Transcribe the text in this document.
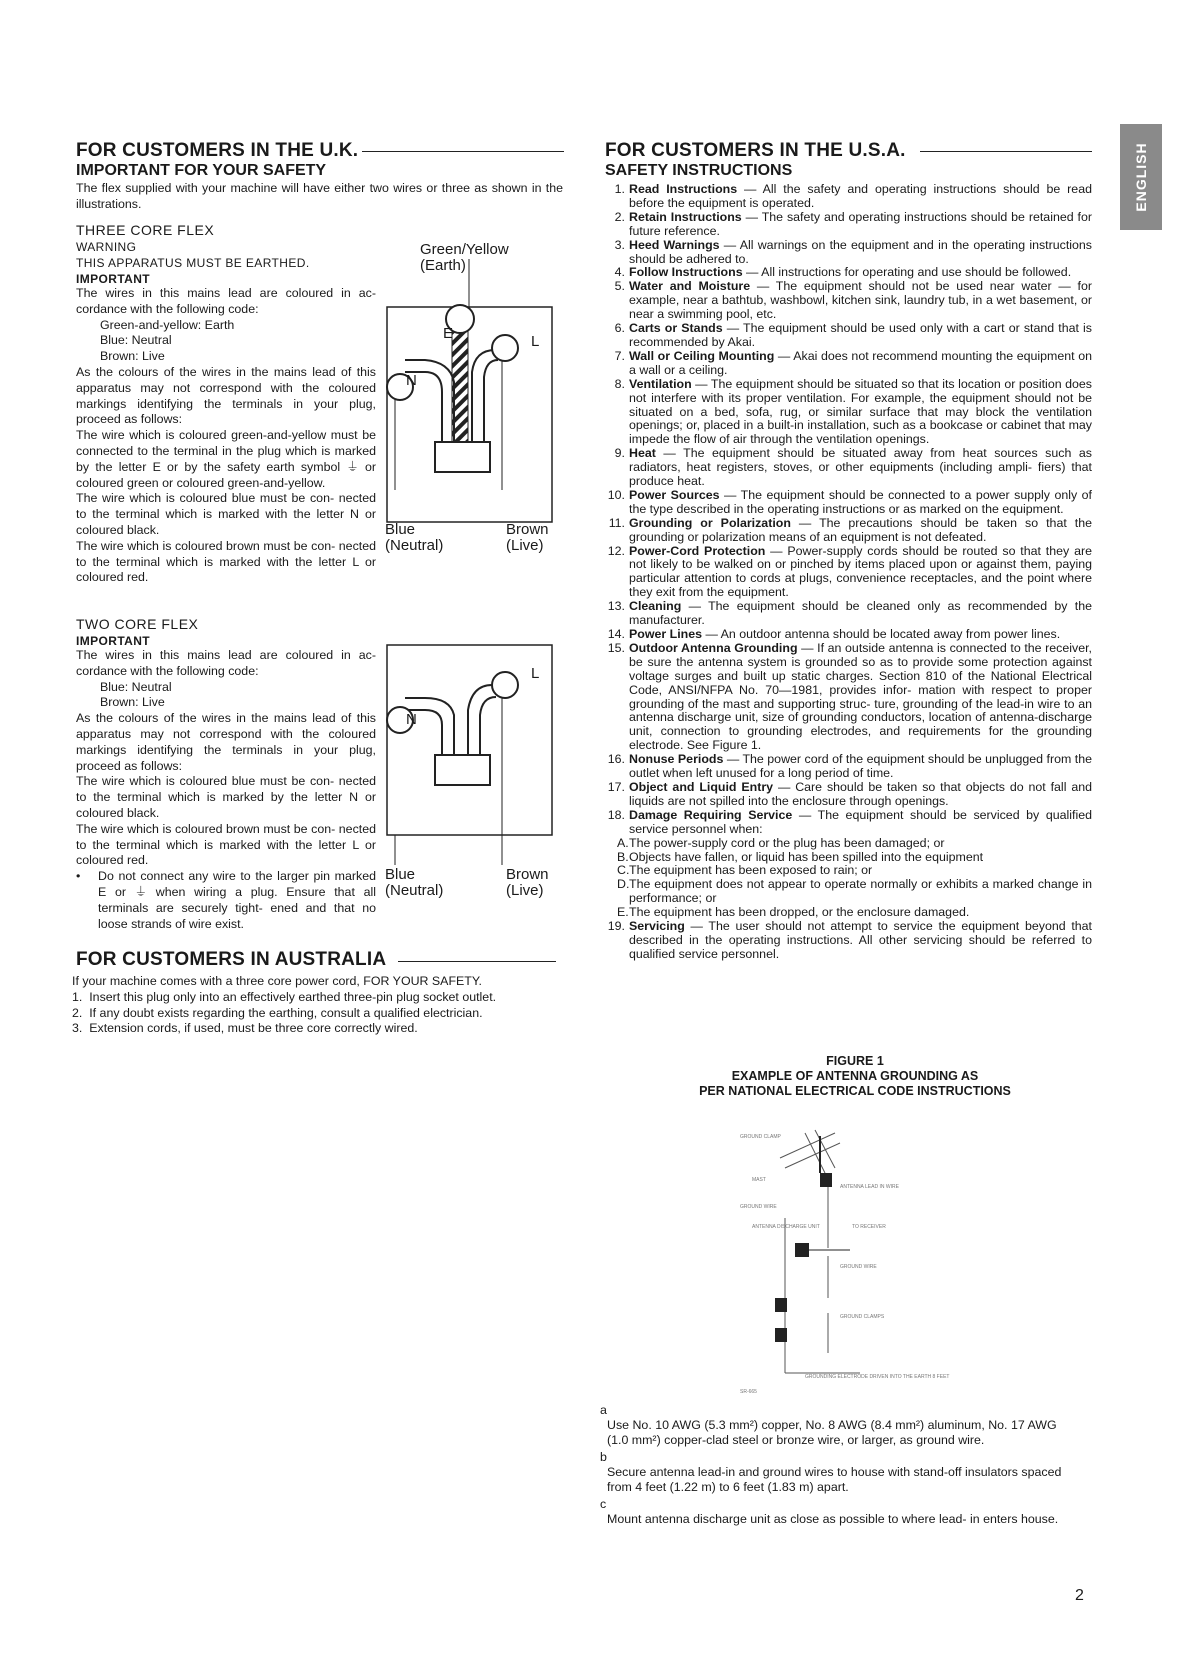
ENGLISH
FOR CUSTOMERS IN THE U.K.
IMPORTANT FOR YOUR SAFETY
The flex supplied with your machine will have either two wires or three as shown in the illustrations.
THREE CORE FLEX
WARNING
THIS APPARATUS MUST BE EARTHED.
IMPORTANT
The wires in this mains lead are coloured in ac- cordance with the following code:
Green-and-yellow: Earth
Blue: Neutral
Brown: Live
As the colours of the wires in the mains lead of this apparatus may not correspond with the coloured markings identifying the terminals in your plug, proceed as follows:
The wire which is coloured green-and-yellow must be connected to the terminal in the plug which is marked by the letter E or by the safety earth symbol ⏚ or coloured green or coloured green-and-yellow.
The wire which is coloured blue must be con- nected to the terminal which is marked with the letter N or coloured black.
The wire which is coloured brown must be con- nected to the terminal which is marked with the letter L or coloured red.
Green/Yellow
(Earth)
E	L
N
Blue
(Neutral)
Brown
(Live)
TWO CORE FLEX
IMPORTANT
The wires in this mains lead are coloured in ac- cordance with the following code:
Blue: Neutral
Brown: Live
As the colours of the wires in the mains lead of this apparatus may not correspond with the coloured markings identifying the terminals in your plug, proceed as follows:
The wire which is coloured blue must be con- nected to the terminal which is marked by the letter N or coloured black.
The wire which is coloured brown must be con- nected to the terminal which is marked with the letter L or coloured red.
• Do not connect any wire to the larger pin marked E or ⏚ when wiring a plug. Ensure that all terminals are securely tight- ened and that no loose strands of wire exist.
L
N
Blue
(Neutral)
Brown
(Live)
FOR CUSTOMERS IN AUSTRALIA
If your machine comes with a three core power cord, FOR YOUR SAFETY.
1. Insert this plug only into an effectively earthed three-pin plug socket outlet.
2. If any doubt exists regarding the earthing, consult a qualified electrician.
3. Extension cords, if used, must be three core correctly wired.
FOR CUSTOMERS IN THE U.S.A.
SAFETY INSTRUCTIONS
1. Read Instructions — All the safety and operating instructions should be read before the equipment is operated.
2. Retain Instructions — The safety and operating instructions should be retained for future reference.
3. Heed Warnings — All warnings on the equipment and in the operating instructions should be adhered to.
4. Follow Instructions — All instructions for operating and use should be followed.
5. Water and Moisture — The equipment should not be used near water — for example, near a bathtub, washbowl, kitchen sink, laundry tub, in a wet basement, or near a swimming pool, etc.
6. Carts or Stands — The equipment should be used only with a cart or stand that is recommended by Akai.
7. Wall or Ceiling Mounting — Akai does not recommend mounting the equipment on a wall or a ceiling.
8. Ventilation — The equipment should be situated so that its location or position does not interfere with its proper ventilation. For example, the equipment should not be situated on a bed, sofa, rug, or similar surface that may block the ventilation openings; or, placed in a built-in installation, such as a bookcase or cabinet that may impede the flow of air through the ventilation openings.
9. Heat — The equipment should be situated away from heat sources such as radiators, heat registers, stoves, or other equipments (including ampli- fiers) that produce heat.
10. Power Sources — The equipment should be connected to a power supply only of the type described in the operating instructions or as marked on the equipment.
11. Grounding or Polarization — The precautions should be taken so that the grounding or polarization means of an equipment is not defeated.
12. Power-Cord Protection — Power-supply cords should be routed so that they are not likely to be walked on or pinched by items placed upon or against them, paying particular attention to cords at plugs, convenience receptacles, and the point where they exit from the equipment.
13. Cleaning — The equipment should be cleaned only as recommended by the manufacturer.
14. Power Lines — An outdoor antenna should be located away from power lines.
15. Outdoor Antenna Grounding — If an outside antenna is connected to the receiver, be sure the antenna system is grounded so as to provide some protection against voltage surges and built up static charges. Section 810 of the National Electrical Code, ANSI/NFPA No. 70—1981, provides infor- mation with respect to proper grounding of the mast and supporting struc- ture, grounding of the lead-in wire to an antenna discharge unit, size of grounding conductors, location of antenna-discharge unit, connection to grounding electrodes, and requirements for the grounding electrode. See Figure 1.
16. Nonuse Periods — The power cord of the equipment should be unplugged from the outlet when left unused for a long period of time.
17. Object and Liquid Entry — Care should be taken so that objects do not fall and liquids are not spilled into the enclosure through openings.
18. Damage Requiring Service — The equipment should be serviced by qualified service personnel when:
A. The power-supply cord or the plug has been damaged; or
B. Objects have fallen, or liquid has been spilled into the equipment
C. The equipment has been exposed to rain; or
D. The equipment does not appear to operate normally or exhibits a marked change in performance; or
E. The equipment has been dropped, or the enclosure damaged.
19. Servicing — The user should not attempt to service the equipment beyond that described in the operating instructions. All other servicing should be referred to qualified service personnel.
FIGURE 1
EXAMPLE OF ANTENNA GROUNDING AS
PER NATIONAL ELECTRICAL CODE INSTRUCTIONS
GROUND CLAMP
MAST
ANTENNA LEAD IN WIRE
GROUND WIRE
ANTENNA DISCHARGE UNIT	TO RECEIVER
GROUND WIRE
GROUND CLAMPS
GROUNDING ELECTRODE DRIVEN INTO THE EARTH 8 FEET
SR-665
a
Use No. 10 AWG (5.3 mm²) copper, No. 8 AWG (8.4 mm²) aluminum, No. 17 AWG (1.0 mm²) copper-clad steel or bronze wire, or larger, as ground wire.
b
Secure antenna lead-in and ground wires to house with stand-off insulators spaced from 4 feet (1.22 m) to 6 feet (1.83 m) apart.
c
Mount antenna discharge unit as close as possible to where lead- in enters house.
2
